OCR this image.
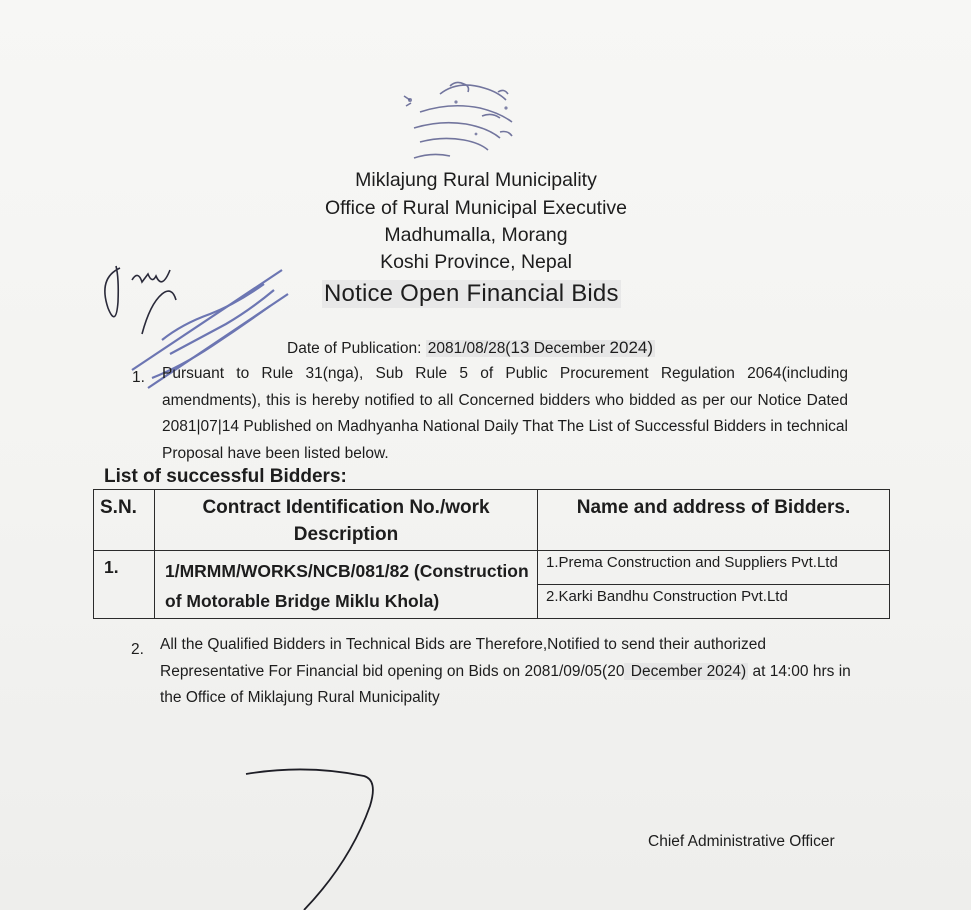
Miklajung Rural Municipality
Office of Rural Municipal Executive
Madhumalla, Morang
Koshi Province, Nepal
Notice Open Financial Bids
Date of Publication: 2081/08/28(13 December 2024)
1. Pursuant to Rule 31(nga), Sub Rule 5 of Public Procurement Regulation 2064(including amendments), this is hereby notified to all Concerned bidders who bidded as per our Notice Dated 2081|07|14 Published on Madhyanha National Daily That The List of Successful Bidders in technical Proposal have been listed below.
List of successful Bidders:
S.N.	Contract Identification No./work Description	Name and address of Bidders.
1.	1/MRMM/WORKS/NCB/081/82 (Construction of Motorable Bridge Miklu Khola)	1.Prema Construction and Suppliers Pvt.Ltd
		2.Karki Bandhu Construction Pvt.Ltd
2. All the Qualified Bidders in Technical Bids are Therefore,Notified to send their authorized Representative For Financial bid opening on Bids on 2081/09/05(20 December 2024) at 14:00 hrs in the Office of Miklajung Rural Municipality
Chief Administrative Officer
